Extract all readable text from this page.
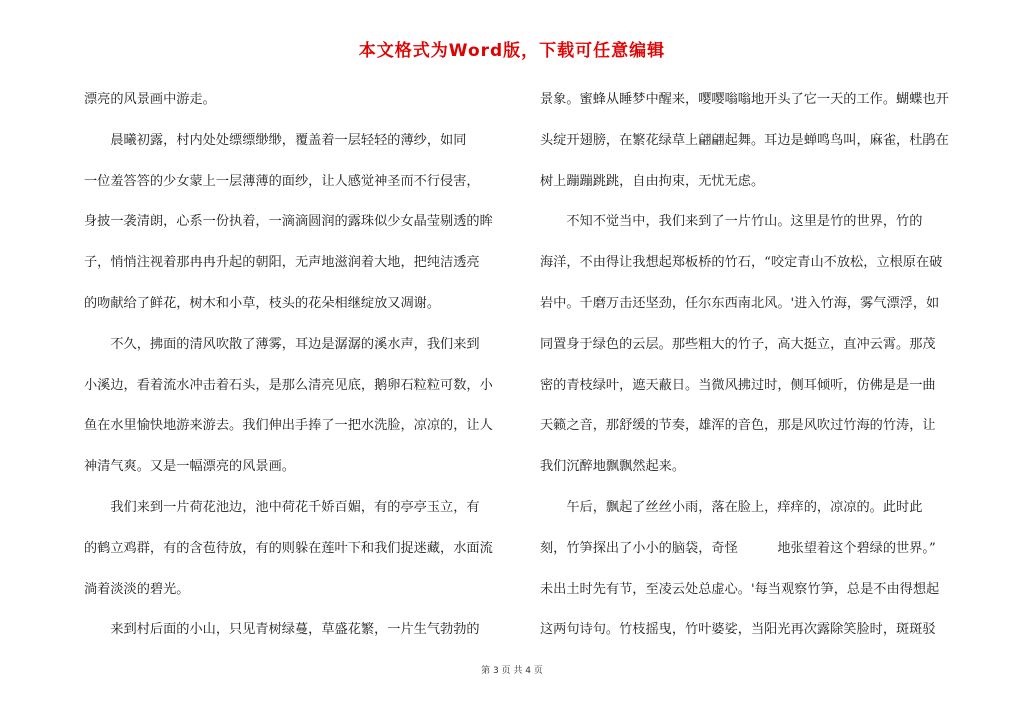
本文格式为Word版，下载可任意编辑
漂亮的风景画中游走。
　　晨曦初露，村内处处缥缥缈缈，覆盖着一层轻轻的薄纱，如同
一位羞答答的少女蒙上一层薄薄的面纱，让人感觉神圣而不行侵害，
身披一袭清朗，心系一份执着，一滴滴圆润的露珠似少女晶莹剔透的眸
子，悄悄注视着那冉冉升起的朝阳，无声地滋润着大地，把纯洁透亮
的吻献给了鲜花，树木和小草，枝头的花朵相继绽放又凋谢。
　　不久，拂面的清风吹散了薄雾，耳边是潺潺的溪水声，我们来到
小溪边，看着流水冲击着石头，是那么清亮见底，鹅卵石粒粒可数，小
鱼在水里愉快地游来游去。我们伸出手捧了一把水洗脸，凉凉的，让人
神清气爽。又是一幅漂亮的风景画。
　　我们来到一片荷花池边，池中荷花千娇百媚，有的亭亭玉立，有
的鹤立鸡群，有的含苞待放，有的则躲在莲叶下和我们捉迷藏，水面流
淌着淡淡的碧光。
　　来到村后面的小山，只见青树绿蔓，草盛花繁，一片生气勃勃的
景象。蜜蜂从睡梦中醒来，嘤嘤嗡嗡地开头了它一天的工作。蝴蝶也开
头绽开翅膀，在繁花绿草上翩翩起舞。耳边是蝉鸣鸟叫，麻雀，杜鹃在
树上蹦蹦跳跳，自由拘束，无忧无虑。
　　不知不觉当中，我们来到了一片竹山。这里是竹的世界，竹的
海洋，不由得让我想起郑板桥的竹石，“咬定青山不放松，立根原在破
岩中。千磨万击还坚劲，任尔东西南北风。'进入竹海，雾气漂浮，如
同置身于绿色的云层。那些粗大的竹子，高大挺立，直冲云霄。那茂
密的青枝绿叶，遮天蔽日。当微风拂过时，侧耳倾听，仿佛是是一曲
天籁之音，那舒缓的节奏，雄浑的音色，那是风吹过竹海的竹涛，让
我们沉醉地飘飘然起来。
　　午后，飘起了丝丝小雨，落在脸上，痒痒的，凉凉的。此时此
刻，竹笋探出了小小的脑袋，奇怪　　　地张望着这个碧绿的世界。”
未出土时先有节，至凌云处总虚心。'每当观察竹笋，总是不由得想起
这两句诗句。竹枝摇曳，竹叶婆娑，当阳光再次露除笑脸时，斑斑驳
第 3 页 共 4 页
